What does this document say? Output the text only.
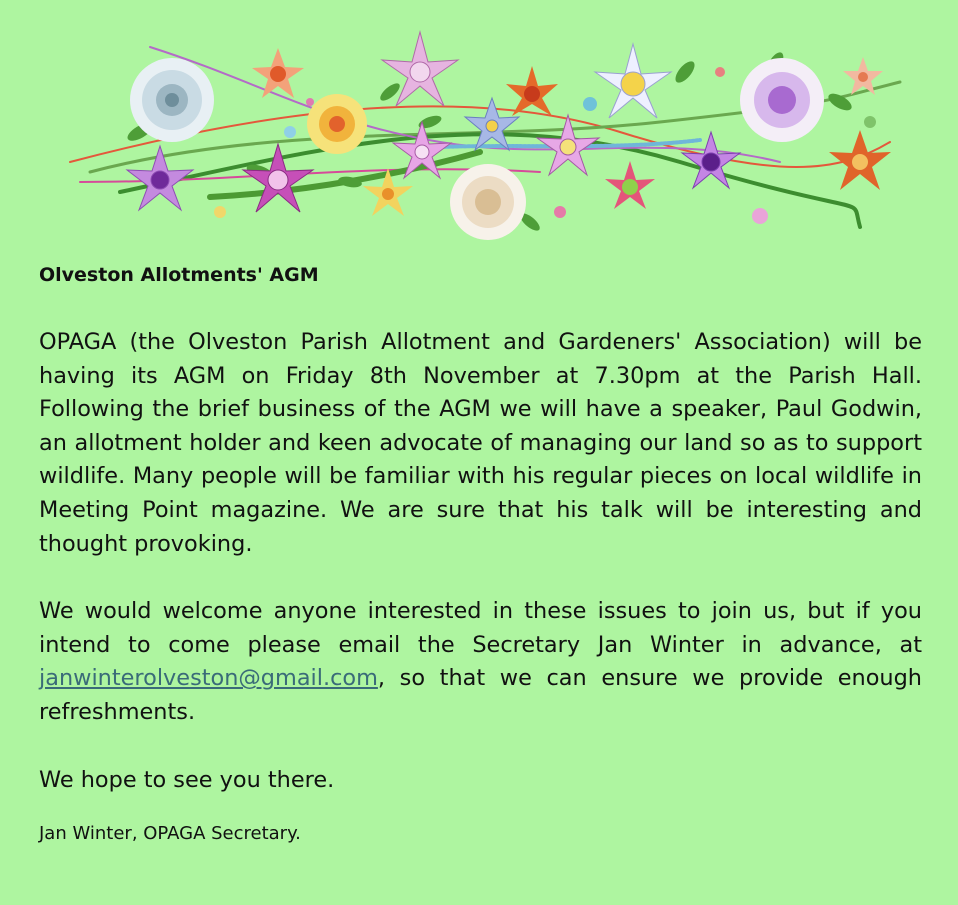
Olveston Allotments' AGM

OPAGA (the Olveston Parish Allotment and Gardeners' Association) will be having its AGM on Friday 8th November at 7.30pm at the Parish Hall. Following the brief business of the AGM we will have a speaker, Paul Godwin, an allotment holder and keen advocate of managing our land so as to support wildlife. Many people will be familiar with his regular pieces on local wildlife in Meeting Point magazine. We are sure that his talk will be interesting and thought provoking.

We would welcome anyone interested in these issues to join us, but if you intend to come please email the Secretary Jan Winter in advance, at janwinterolveston@gmail.com, so that we can ensure we provide enough refreshments.

We hope to see you there.

Jan Winter, OPAGA Secretary.
